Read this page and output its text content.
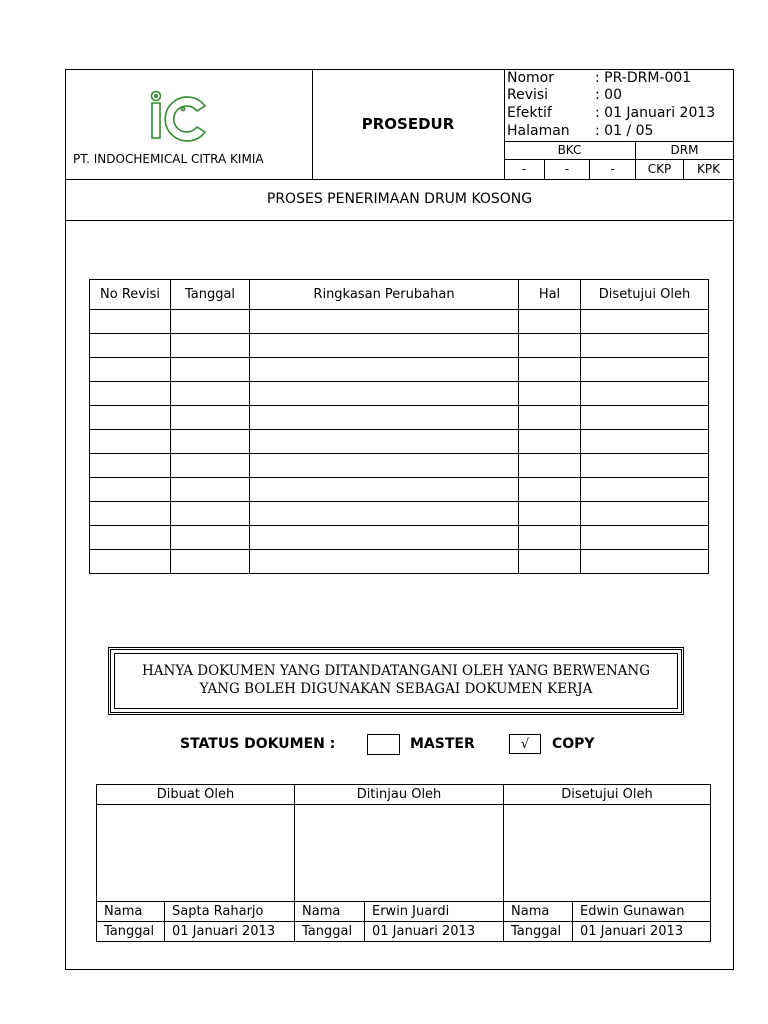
PT. INDOCHEMICAL CITRA KIMIA
PROSEDUR
Nomor	: PR-DRM-001
Revisi	: 00
Efektif	: 01 Januari 2013
Halaman : 01 / 05
BKC	DRM
-	-	-	CKP	KPK
PROSES PENERIMAAN DRUM KOSONG
No Revisi	Tanggal	Ringkasan Perubahan	Hal	Disetujui Oleh

HANYA DOKUMEN YANG DITANDATANGANI OLEH YANG BERWENANG
YANG BOLEH DIGUNAKAN SEBAGAI DOKUMEN KERJA
STATUS DOKUMEN :	MASTER	√	COPY
Dibuat Oleh		Ditinjau Oleh		Disetujui Oleh	

Nama	Sapta Raharjo	Nama	Erwin Juardi	Nama	Edwin Gunawan
Tanggal	01 Januari 2013	Tanggal	01 Januari 2013	Tanggal	01 Januari 2013
